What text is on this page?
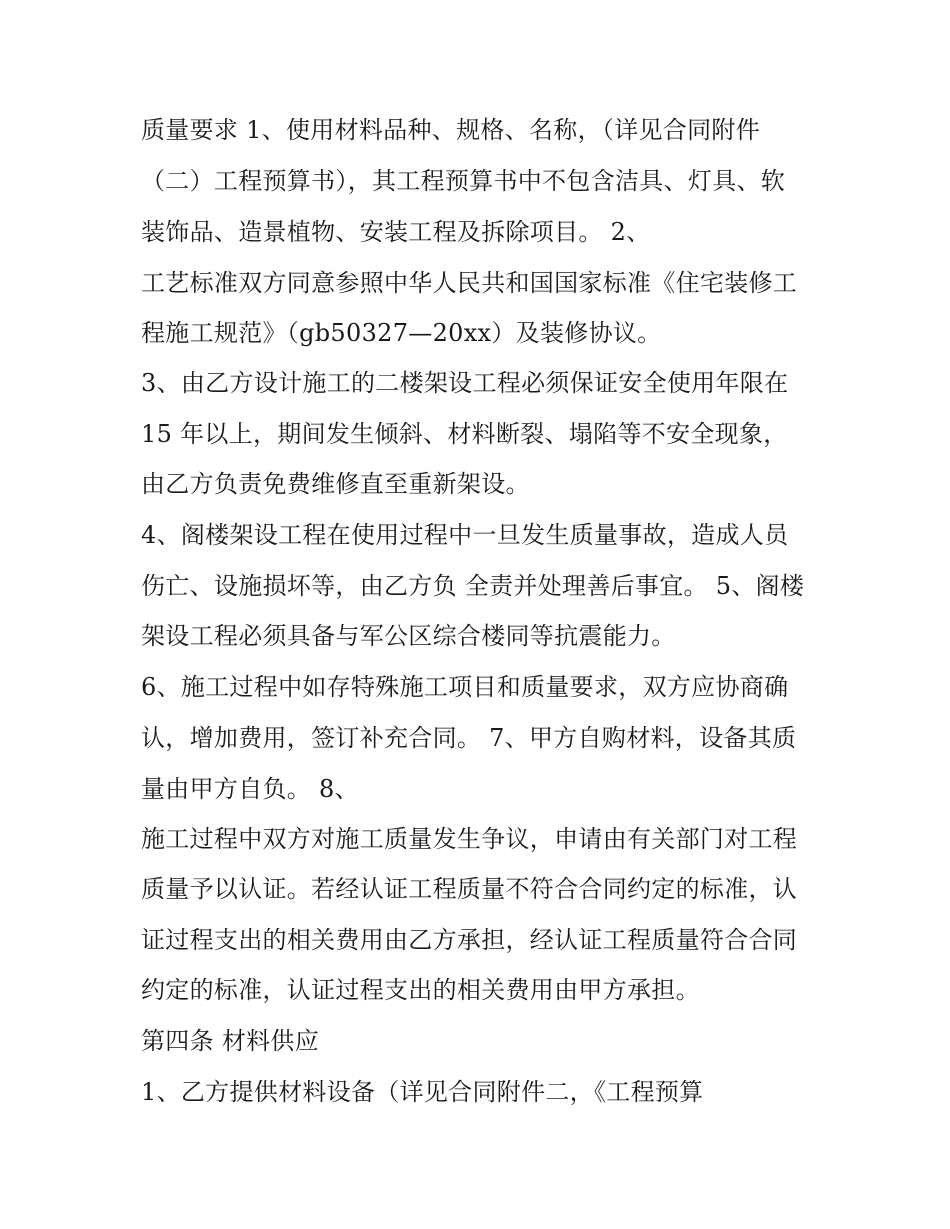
质量要求 1、使用材料品种、规格、名称，（详见合同附件
（二）工程预算书），其工程预算书中不包含洁具、灯具、软
装饰品、造景植物、安装工程及拆除项目。 2、
工艺标准双方同意参照中华人民共和国国家标准《住宅装修工
程施工规范》（gb50327—20xx）及装修协议。
3、由乙方设计施工的二楼架设工程必须保证安全使用年限在
15 年以上，期间发生倾斜、材料断裂、塌陷等不安全现象，
由乙方负责免费维修直至重新架设。
4、阁楼架设工程在使用过程中一旦发生质量事故，造成人员
伤亡、设施损坏等，由乙方负 全责并处理善后事宜。 5、阁楼
架设工程必须具备与军公区综合楼同等抗震能力。
6、施工过程中如存特殊施工项目和质量要求，双方应协商确
认，增加费用，签订补充合同。 7、甲方自购材料，设备其质
量由甲方自负。 8、
施工过程中双方对施工质量发生争议，申请由有关部门对工程
质量予以认证。若经认证工程质量不符合合同约定的标准，认
证过程支出的相关费用由乙方承担，经认证工程质量符合合同
约定的标准，认证过程支出的相关费用由甲方承担。
第四条 材料供应
1、乙方提供材料设备（详见合同附件二，《工程预算
